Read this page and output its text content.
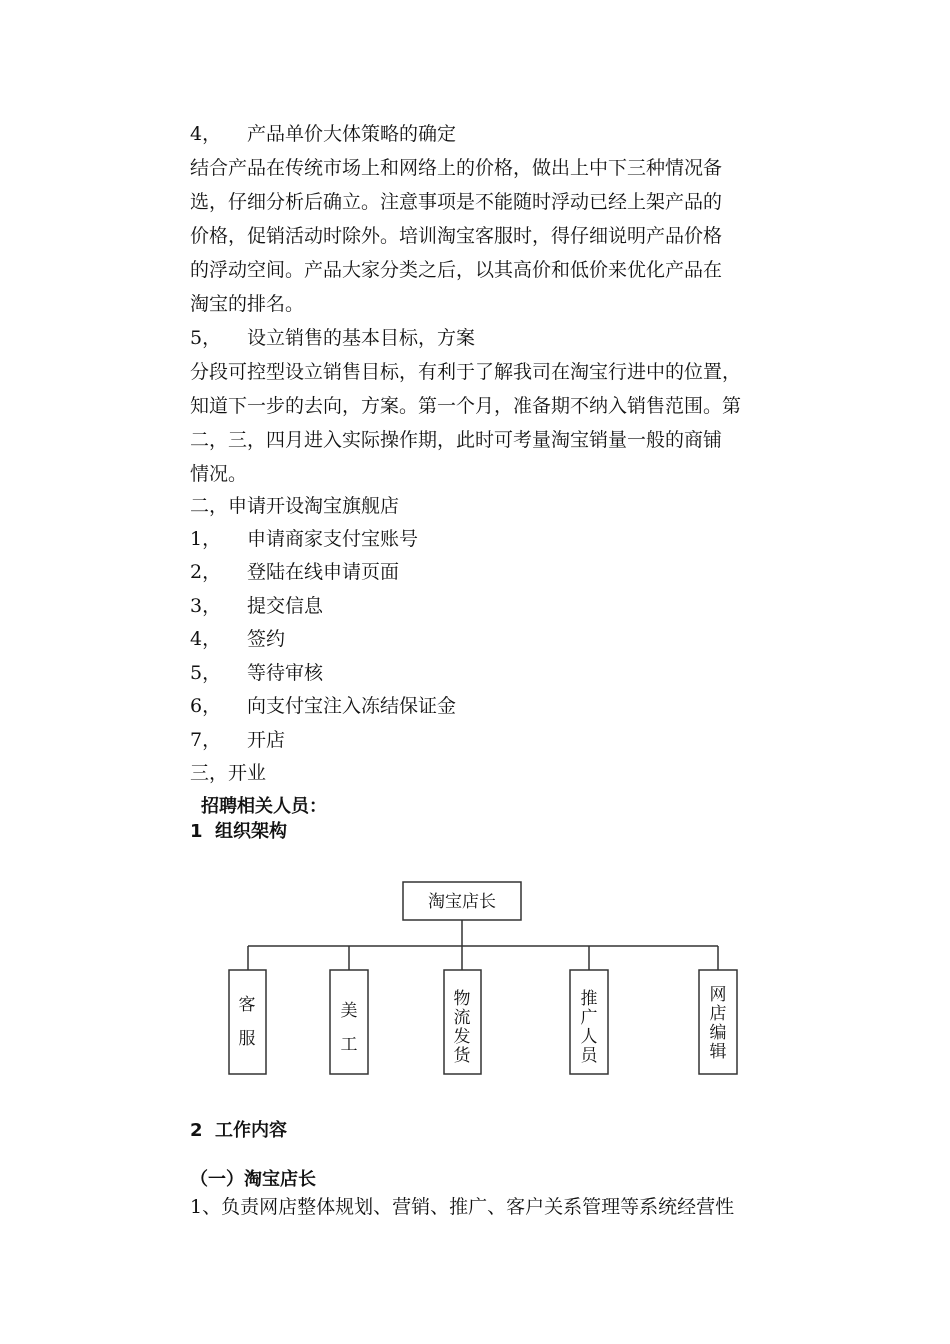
4， 产品单价大体策略的确定
结合产品在传统市场上和网络上的价格，做出上中下三种情况备
选，仔细分析后确立。注意事项是不能随时浮动已经上架产品的
价格，促销活动时除外。培训淘宝客服时，得仔细说明产品价格
的浮动空间。产品大家分类之后，以其高价和低价来优化产品在
淘宝的排名。
5， 设立销售的基本目标，方案
分段可控型设立销售目标，有利于了解我司在淘宝行进中的位置，
知道下一步的去向，方案。第一个月，准备期不纳入销售范围。第
二，三，四月进入实际操作期，此时可考量淘宝销量一般的商铺
情况。
二，申请开设淘宝旗舰店
1， 申请商家支付宝账号
2， 登陆在线申请页面
3， 提交信息
4， 签约
5， 等待审核
6， 向支付宝注入冻结保证金
7， 开店
三，开业
招聘相关人员：
1  组织架构
淘宝店长
客
服
美
工
物
流
发
货
推
广
人
员
网
店
编
辑
2  工作内容
（一）淘宝店长
1、负责网店整体规划、营销、推广、客户关系管理等系统经营性
